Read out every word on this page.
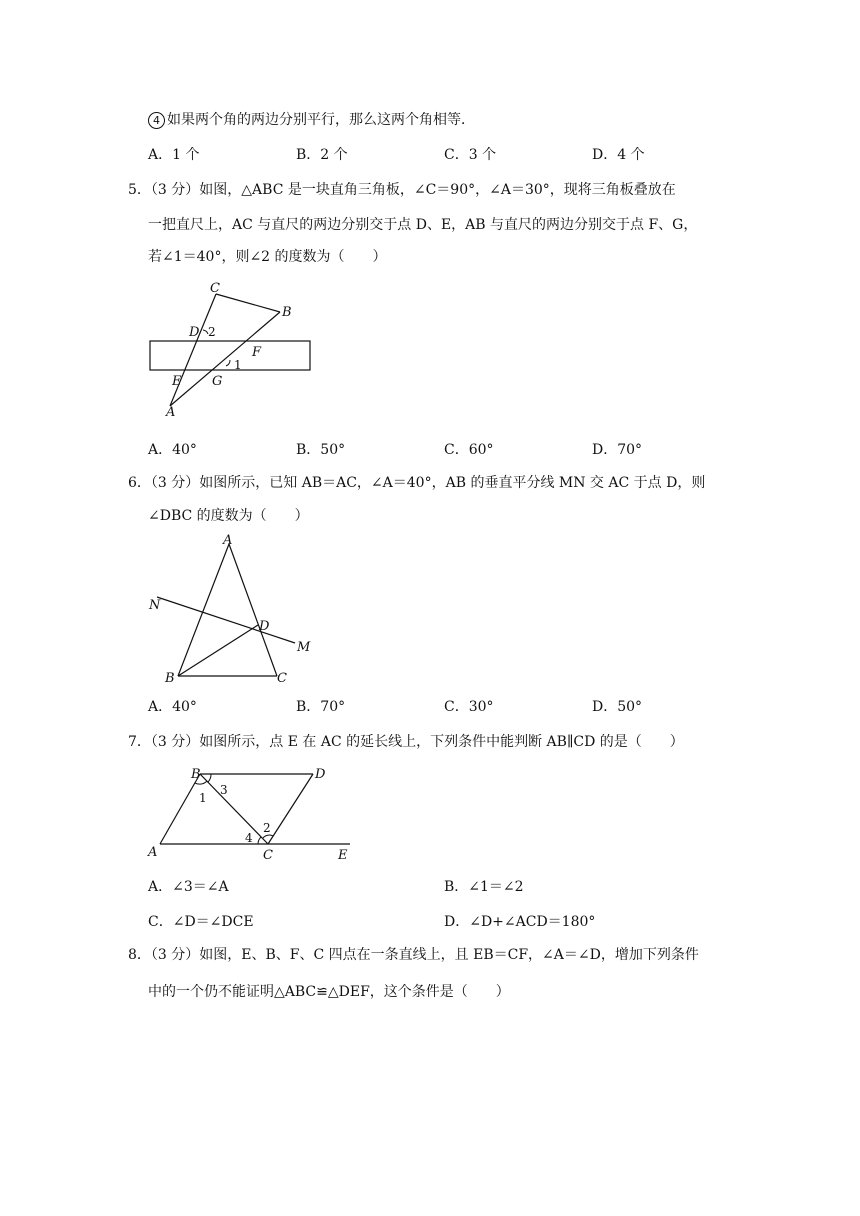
4 如果两个角的两边分别平行，那么这两个角相等．
A．1 个	B．2 个	C．3 个	D．4 个
5．（3 分）如图，△ABC 是一块直角三角板，∠C＝90°，∠A＝30°，现将三角板叠放在
一把直尺上，AC 与直尺的两边分别交于点 D、E，AB 与直尺的两边分别交于点 F、G，
若∠1＝40°，则∠2 的度数为（　　）
C
B
D 2
F
1
E G
A
A．40°	B．50°	C．60°	D．70°
6．（3 分）如图所示，已知 AB＝AC，∠A＝40°，AB 的垂直平分线 MN 交 AC 于点 D，则
∠DBC 的度数为（　　）
A
N
D
M
B	C
A．40°	B．70°	C．30°	D．50°
7．（3 分）如图所示，点 E 在 AC 的延长线上，下列条件中能判断 AB∥CD 的是（　　）
B	D
1
3
2
4
A	C	E
A．∠3＝∠A	B．∠1＝∠2
C．∠D＝∠DCE	D．∠D+∠ACD＝180°
8．（3 分）如图，E、B、F、C 四点在一条直线上，且 EB＝CF，∠A＝∠D，增加下列条件
中的一个仍不能证明△ABC≌△DEF，这个条件是（　　）
